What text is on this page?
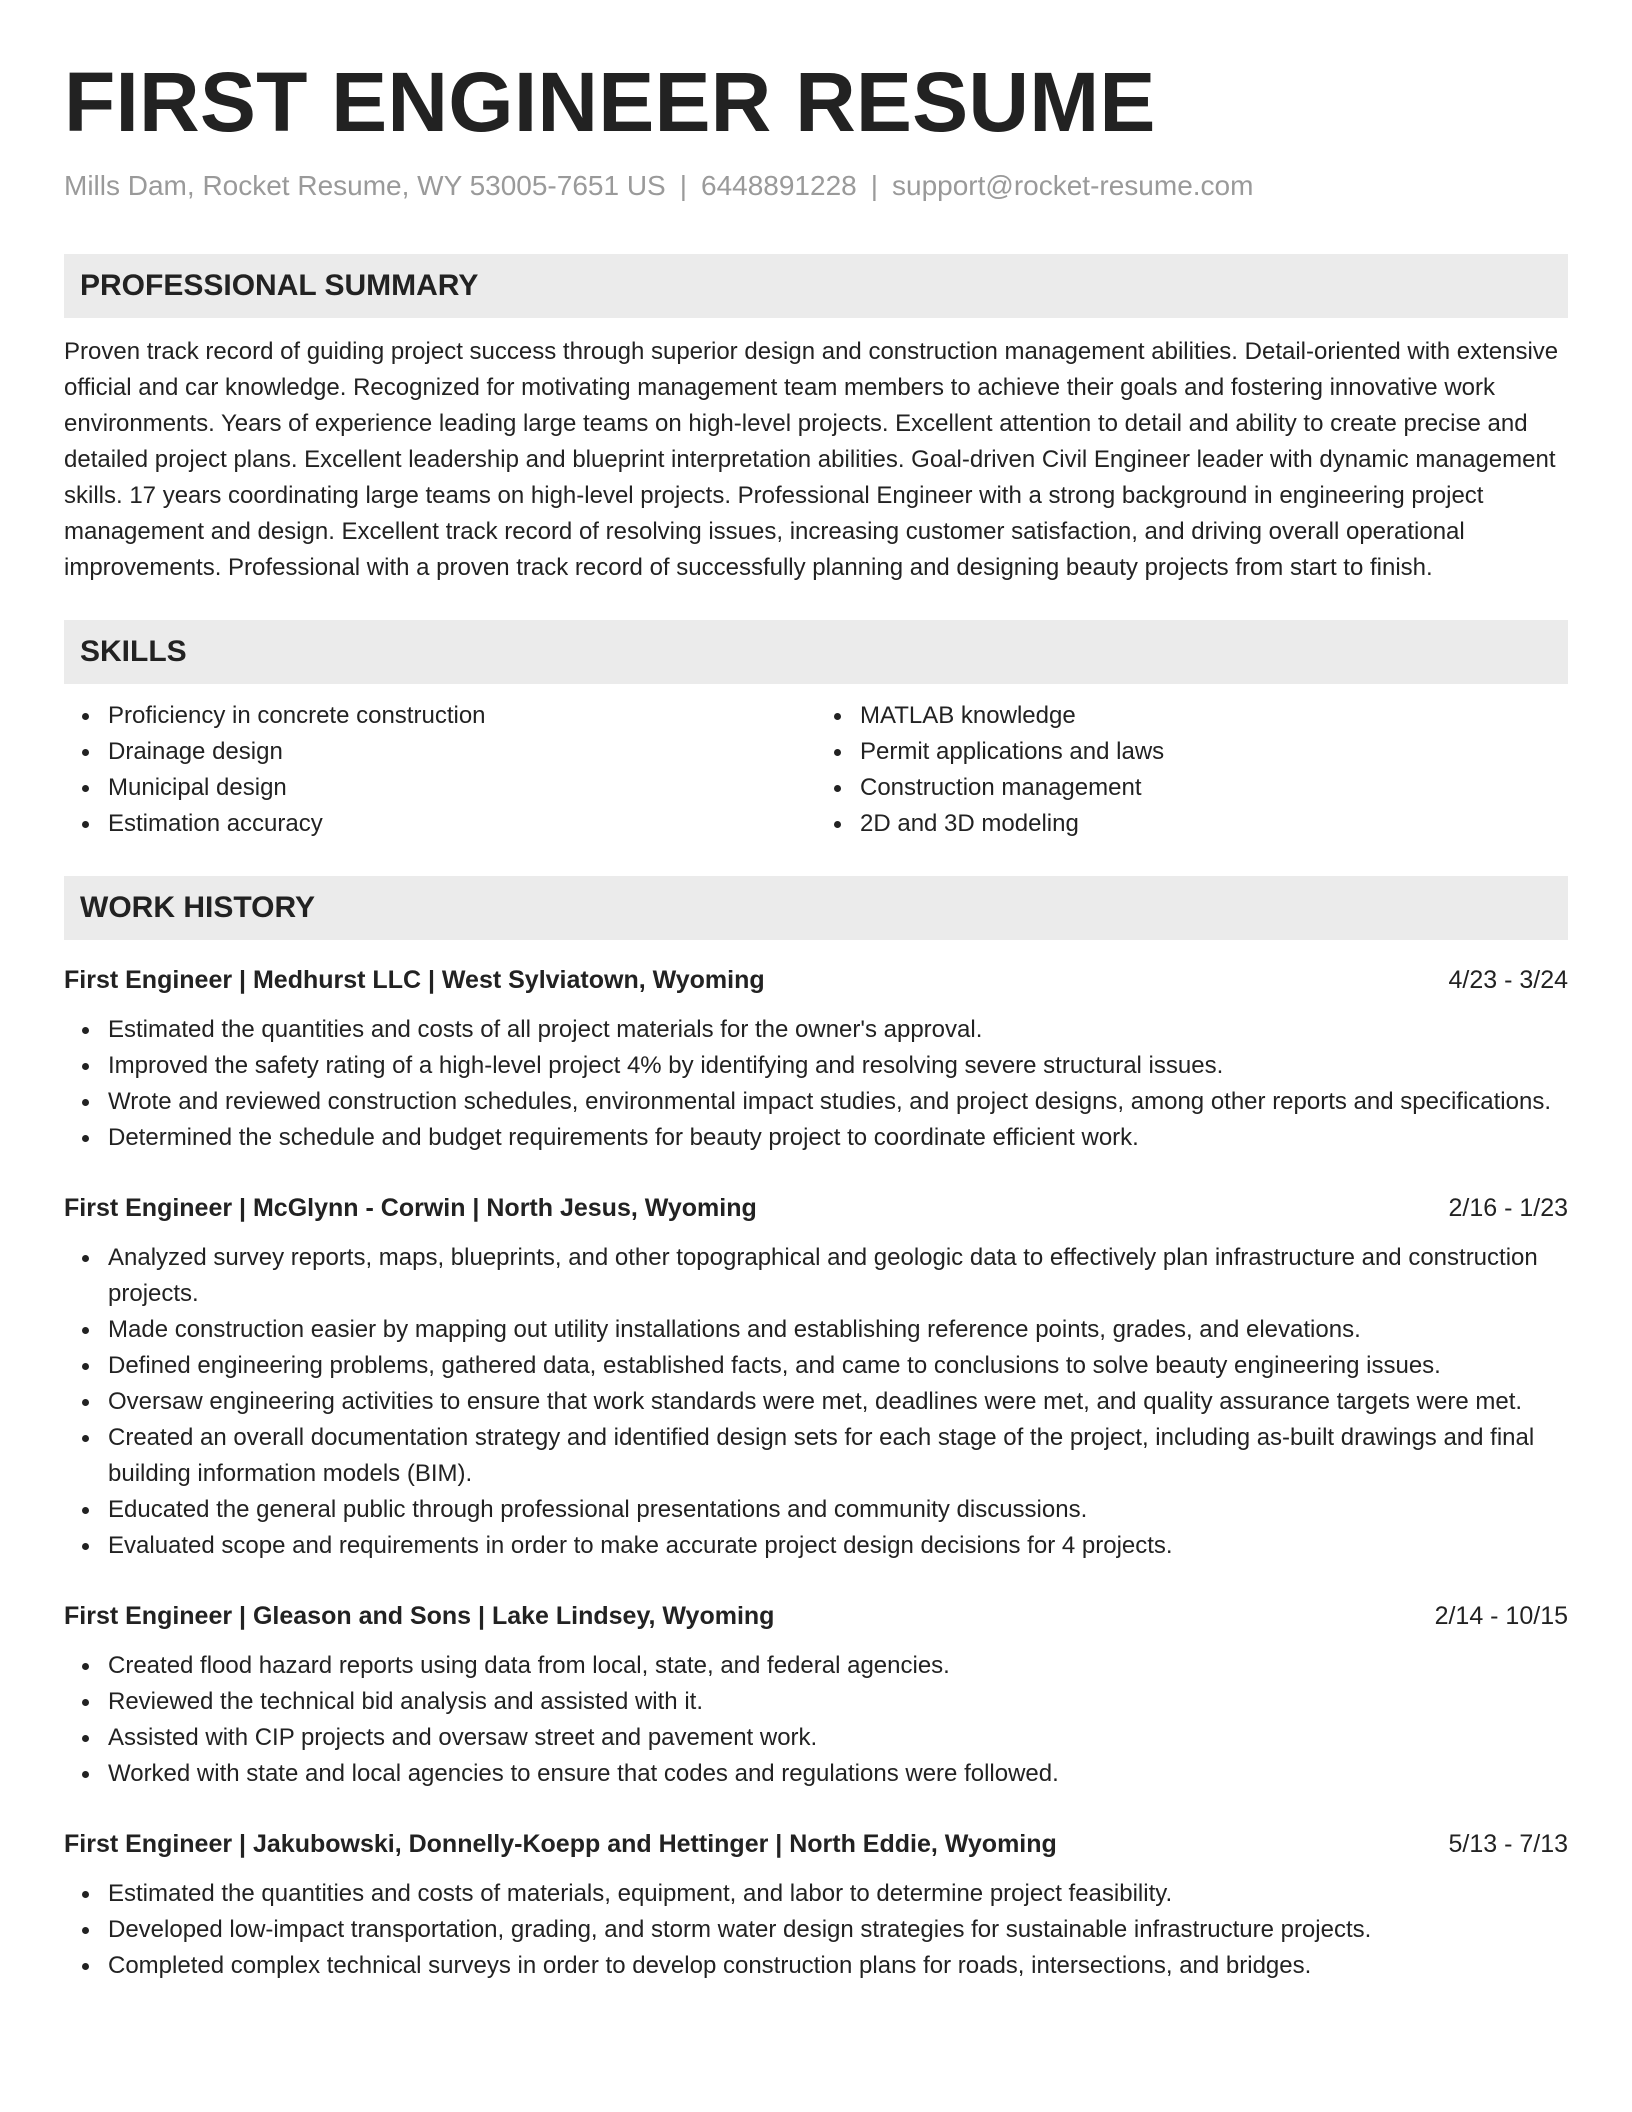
FIRST ENGINEER RESUME
Mills Dam, Rocket Resume, WY 53005-7651 US | 6448891228 | support@rocket-resume.com
PROFESSIONAL SUMMARY
Proven track record of guiding project success through superior design and construction management abilities. Detail-oriented with extensive official and car knowledge. Recognized for motivating management team members to achieve their goals and fostering innovative work environments. Years of experience leading large teams on high-level projects. Excellent attention to detail and ability to create precise and detailed project plans. Excellent leadership and blueprint interpretation abilities. Goal-driven Civil Engineer leader with dynamic management skills. 17 years coordinating large teams on high-level projects. Professional Engineer with a strong background in engineering project management and design. Excellent track record of resolving issues, increasing customer satisfaction, and driving overall operational improvements. Professional with a proven track record of successfully planning and designing beauty projects from start to finish.
SKILLS
Proficiency in concrete construction
Drainage design
Municipal design
Estimation accuracy
MATLAB knowledge
Permit applications and laws
Construction management
2D and 3D modeling
WORK HISTORY
First Engineer | Medhurst LLC | West Sylviatown, Wyoming	4/23 - 3/24
Estimated the quantities and costs of all project materials for the owner's approval.
Improved the safety rating of a high-level project 4% by identifying and resolving severe structural issues.
Wrote and reviewed construction schedules, environmental impact studies, and project designs, among other reports and specifications.
Determined the schedule and budget requirements for beauty project to coordinate efficient work.
First Engineer | McGlynn - Corwin | North Jesus, Wyoming	2/16 - 1/23
Analyzed survey reports, maps, blueprints, and other topographical and geologic data to effectively plan infrastructure and construction projects.
Made construction easier by mapping out utility installations and establishing reference points, grades, and elevations.
Defined engineering problems, gathered data, established facts, and came to conclusions to solve beauty engineering issues.
Oversaw engineering activities to ensure that work standards were met, deadlines were met, and quality assurance targets were met.
Created an overall documentation strategy and identified design sets for each stage of the project, including as-built drawings and final building information models (BIM).
Educated the general public through professional presentations and community discussions.
Evaluated scope and requirements in order to make accurate project design decisions for 4 projects.
First Engineer | Gleason and Sons | Lake Lindsey, Wyoming	2/14 - 10/15
Created flood hazard reports using data from local, state, and federal agencies.
Reviewed the technical bid analysis and assisted with it.
Assisted with CIP projects and oversaw street and pavement work.
Worked with state and local agencies to ensure that codes and regulations were followed.
First Engineer | Jakubowski, Donnelly-Koepp and Hettinger | North Eddie, Wyoming	5/13 - 7/13
Estimated the quantities and costs of materials, equipment, and labor to determine project feasibility.
Developed low-impact transportation, grading, and storm water design strategies for sustainable infrastructure projects.
Completed complex technical surveys in order to develop construction plans for roads, intersections, and bridges.
